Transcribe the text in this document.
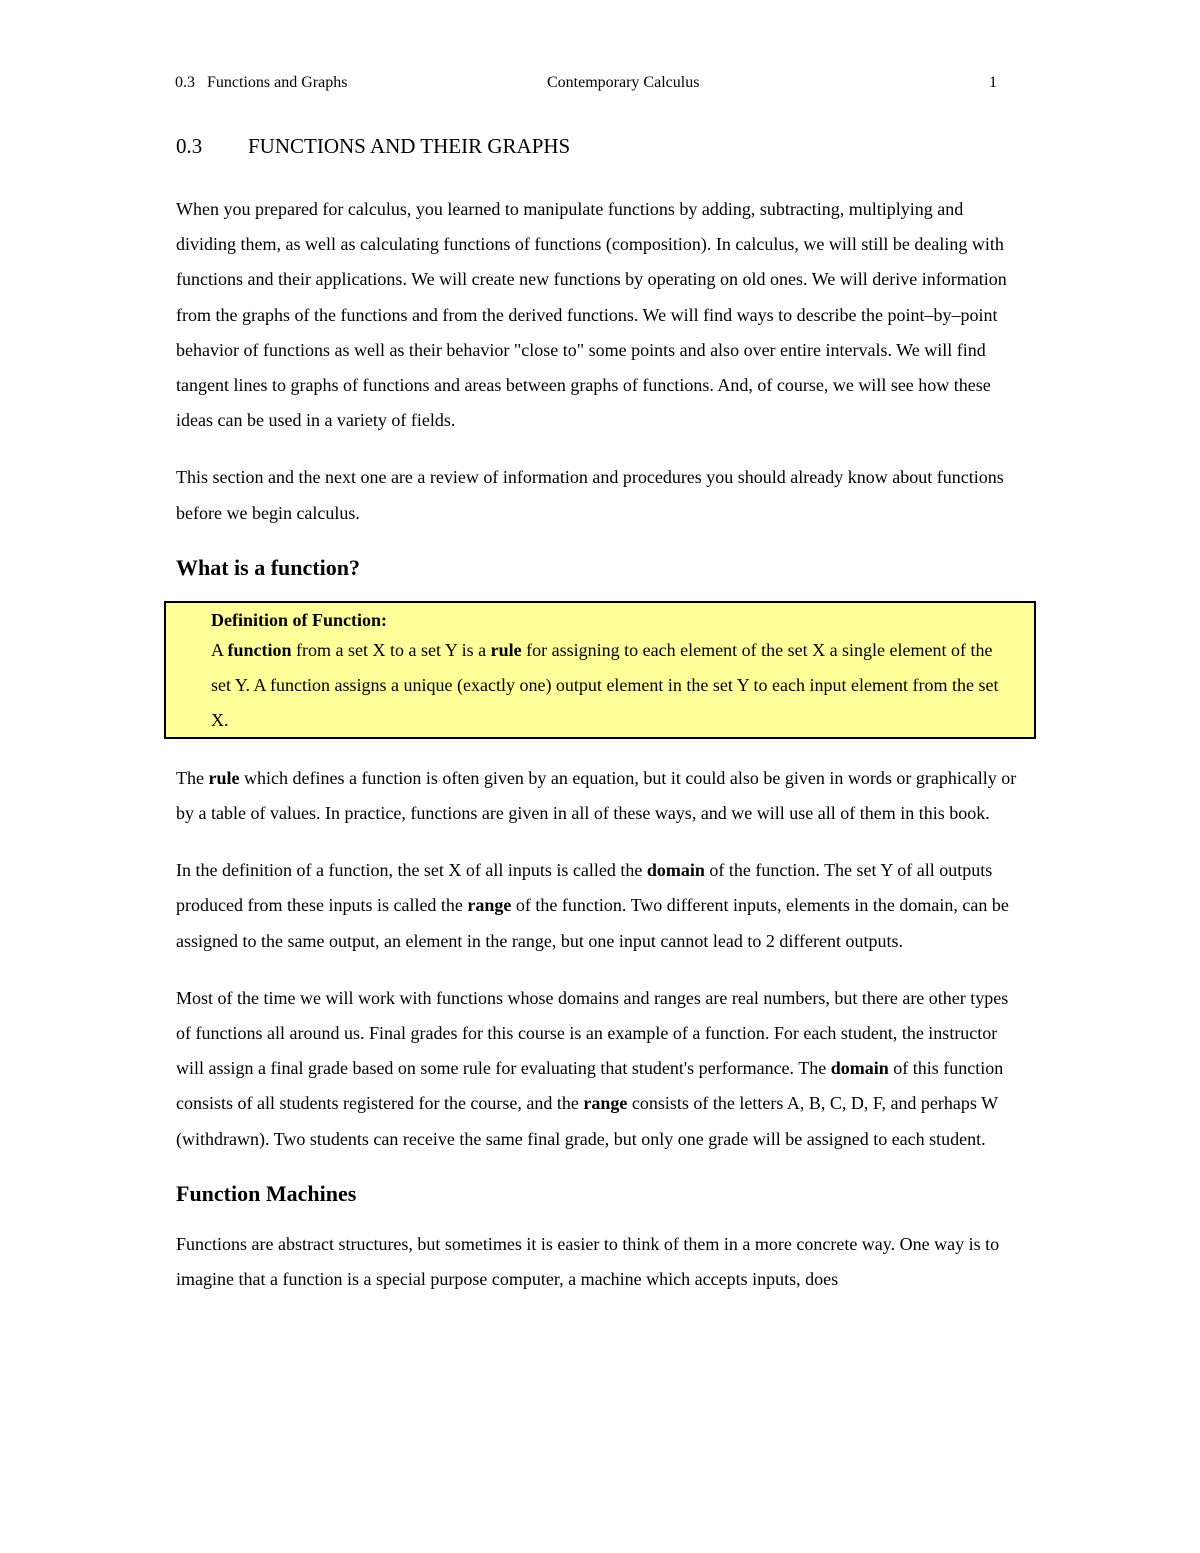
0.3   Functions and Graphs	Contemporary Calculus	1
0.3	FUNCTIONS AND THEIR GRAPHS

When you prepared for calculus, you learned to manipulate functions by adding, subtracting, multiplying and dividing them, as well as calculating functions of functions (composition). In calculus, we will still be dealing with functions and their applications. We will create new functions by operating on old ones. We will derive information from the graphs of the functions and from the derived functions. We will find ways to describe the point–by–point behavior of functions as well as their behavior "close to" some points and also over entire intervals. We will find tangent lines to graphs of functions and areas between graphs of functions. And, of course, we will see how these ideas can be used in a variety of fields.

This section and the next one are a review of information and procedures you should already know about functions before we begin calculus.

What is a function?

Definition of Function:

A function from a set X to a set Y is a rule for assigning to each element of the set X a single element of the set Y. A function assigns a unique (exactly one) output element in the set Y to each input element from the set X.

The rule which defines a function is often given by an equation, but it could also be given in words or graphically or by a table of values. In practice, functions are given in all of these ways, and we will use all of them in this book.

In the definition of a function, the set X of all inputs is called the domain of the function. The set Y of all outputs produced from these inputs is called the range of the function. Two different inputs, elements in the domain, can be assigned to the same output, an element in the range, but one input cannot lead to 2 different outputs.

Most of the time we will work with functions whose domains and ranges are real numbers, but there are other types of functions all around us. Final grades for this course is an example of a function. For each student, the instructor will assign a final grade based on some rule for evaluating that student's performance. The domain of this function consists of all students registered for the course, and the range consists of the letters A, B, C, D, F, and perhaps W (withdrawn). Two students can receive the same final grade, but only one grade will be assigned to each student.

Function Machines

Functions are abstract structures, but sometimes it is easier to think of them in a more concrete way. One way is to imagine that a function is a special purpose computer, a machine which accepts inputs, does
